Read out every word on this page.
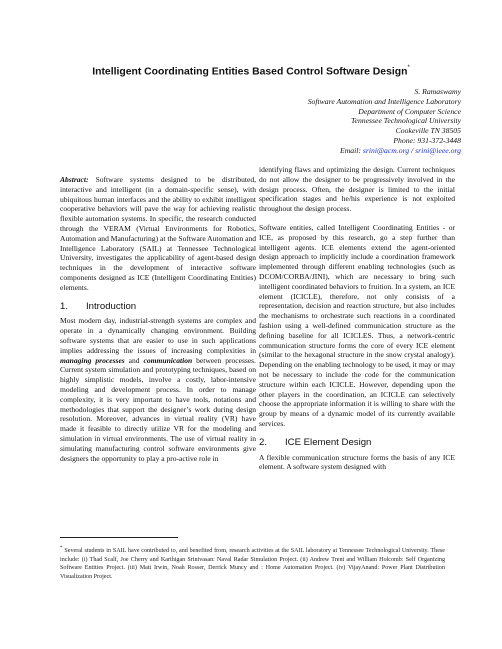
Intelligent Coordinating Entities Based Control Software Design*
S. Ramaswamy
Software Automation and Intelligence Laboratory
Department of Computer Science
Tennessee Technological University
Cookeville TN 38505
Phone: 931-372-3448
Email: srini@acm.org / srini@ieee.org

Abstract: Software systems designed to be distributed, interactive and intelligent (in a domain-specific sense), with ubiquitous human interfaces and the ability to exhibit intelligent cooperative behaviors will pave the way for achieving realistic flexible automation systems. In specific, the research conducted through the VERAM (Virtual Environments for Robotics, Automation and Manufacturing) at the Software Automation and Intelligence Laboratory (SAIL) at Tennessee Technological University, investigates the applicability of agent-based design techniques in the development of interactive software components designed as ICE (Intelligent Coordinating Entities) elements.

1. Introduction

Most modern day, industrial-strength systems are complex and operate in a dynamically changing environment. Building software systems that are easier to use in such applications implies addressing the issues of increasing complexities in managing processes and communication between processes. Current system simulation and prototyping techniques, based on highly simplistic models, involve a costly, labor-intensive modeling and development process. In order to manage complexity, it is very important to have tools, notations and methodologies that support the designer’s work during design resolution. Moreover, advances in virtual reality (VR) have made it feasible to directly utilize VR for the modeling and simulation in virtual environments. The use of virtual reality in simulating manufacturing control software environments give designers the opportunity to play a pro-active role in

identifying flaws and optimizing the design. Current techniques do not allow the designer to be progressively involved in the design process. Often, the designer is limited to the initial specification stages and he/his experience is not exploited throughout the design process.

Software entities, called Intelligent Coordinating Entities - or ICE, as proposed by this research, go a step further than intelligent agents. ICE elements extend the agent-oriented design approach to implicitly include a coordination framework implemented through different enabling technologies (such as DCOM/CORBA/JINI), which are necessary to bring such intelligent coordinated behaviors to fruition. In a system, an ICE element (ICICLE), therefore, not only consists of a representation, decision and reaction structure, but also includes the mechanisms to orchestrate such reactions in a coordinated fashion using a well-defined communication structure as the defining baseline for all ICICLES. Thus, a network-centric communication structure forms the core of every ICE element (similar to the hexagonal structure in the snow crystal analogy). Depending on the enabling technology to be used, it may or may not be necessary to include the code for the communication structure within each ICICLE. However, depending upon the other players in the coordination, an ICICLE can selectively choose the appropriate information it is willing to share with the group by means of a dynamic model of its currently available services.

2. ICE Element Design

A flexible communication structure forms the basis of any ICE element. A software system designed with

* Several students in SAIL have contributed to, and benefited from, research activities at the SAIL laboratory at Tennessee Technological University. These include: (i) Thad Scalf, Joe Cherry and Karthigan Srinivasan: Naval Radar Simulation Project. (ii) Andrew Trent and William Holcomb: Self Organizing Software Entities Project. (iii) Matt Irwin, Noah Rosser, Derrick Muncy and : Home Automation Project. (iv) VijayAnand: Power Plant Distribution Visualization Project.
